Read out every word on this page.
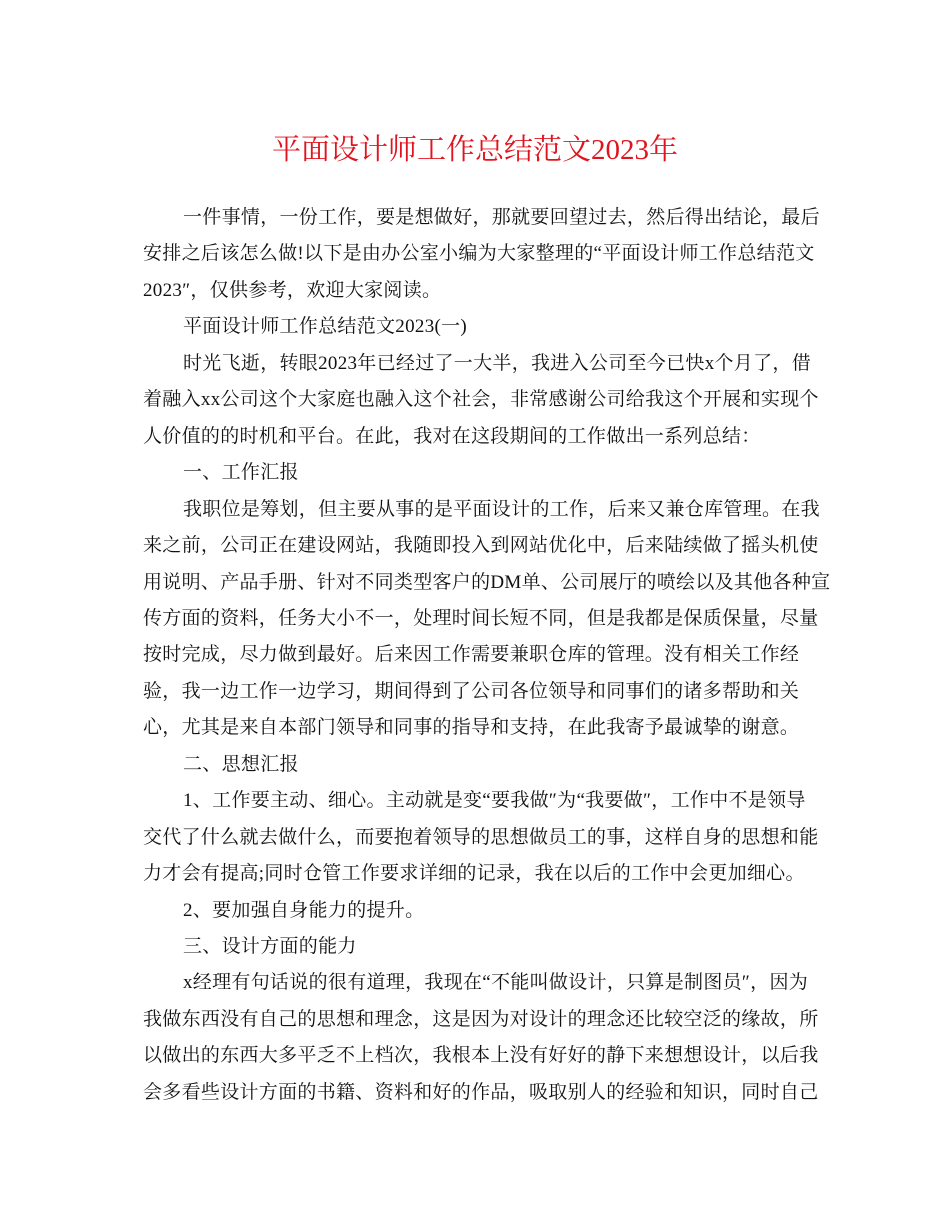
平面设计师工作总结范文2023年
一件事情，一份工作，要是想做好，那就要回望过去，然后得出结论，最后
安排之后该怎么做!以下是由办公室小编为大家整理的“平面设计师工作总结范文
2023″，仅供参考，欢迎大家阅读。
平面设计师工作总结范文2023(一)
时光飞逝，转眼2023年已经过了一大半，我进入公司至今已快x个月了，借
着融入xx公司这个大家庭也融入这个社会，非常感谢公司给我这个开展和实现个
人价值的的时机和平台。在此，我对在这段期间的工作做出一系列总结：
一、工作汇报
我职位是筹划，但主要从事的是平面设计的工作，后来又兼仓库管理。在我
来之前，公司正在建设网站，我随即投入到网站优化中，后来陆续做了摇头机使
用说明、产品手册、针对不同类型客户的DM单、公司展厅的喷绘以及其他各种宣
传方面的资料，任务大小不一，处理时间长短不同，但是我都是保质保量，尽量
按时完成，尽力做到最好。后来因工作需要兼职仓库的管理。没有相关工作经
验，我一边工作一边学习，期间得到了公司各位领导和同事们的诸多帮助和关
心，尤其是来自本部门领导和同事的指导和支持，在此我寄予最诚挚的谢意。
二、思想汇报
1、工作要主动、细心。主动就是变“要我做″为“我要做″，工作中不是领导
交代了什么就去做什么，而要抱着领导的思想做员工的事，这样自身的思想和能
力才会有提高;同时仓管工作要求详细的记录，我在以后的工作中会更加细心。
2、要加强自身能力的提升。
三、设计方面的能力
x经理有句话说的很有道理，我现在“不能叫做设计，只算是制图员″，因为
我做东西没有自己的思想和理念，这是因为对设计的理念还比较空泛的缘故，所
以做出的东西大多平乏不上档次，我根本上没有好好的静下来想想设计，以后我
会多看些设计方面的书籍、资料和好的作品，吸取别人的经验和知识，同时自己
